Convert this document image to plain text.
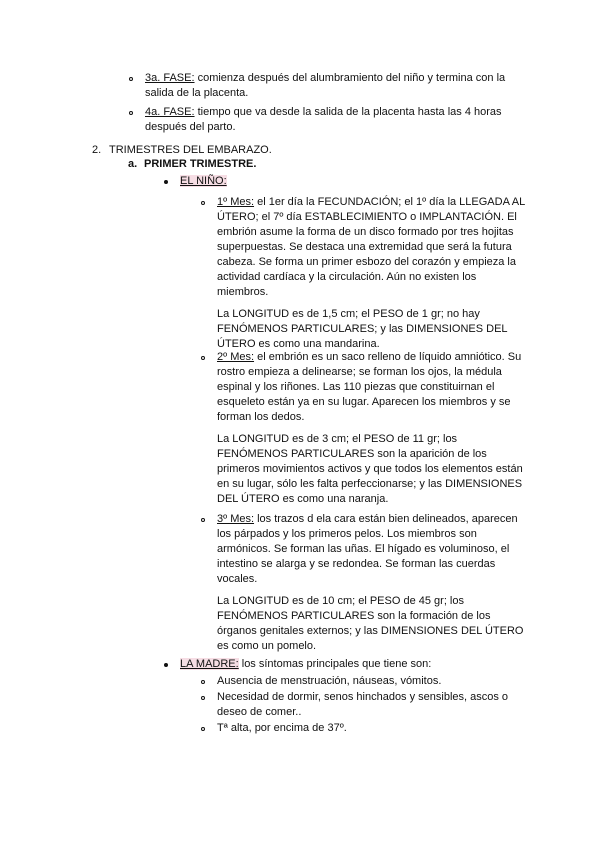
3a. FASE: comienza después del alumbramiento del niño y termina con la salida de la placenta.
4a. FASE: tiempo que va desde la salida de la placenta hasta las 4 horas después del parto.
2. TRIMESTRES DEL EMBARAZO.
a. PRIMER TRIMESTRE.
EL NIÑO:

1º Mes: el 1er día la FECUNDACIÓN; el 1º día la LLEGADA AL ÚTERO; el 7º día ESTABLECIMIENTO o IMPLANTACIÓN. El embrión asume la forma de un disco formado por tres hojitas superpuestas. Se destaca una extremidad que será la futura cabeza. Se forma un primer esbozo del corazón y empieza la actividad cardíaca y la circulación. Aún no existen los miembros.

La LONGITUD es de 1,5 cm; el PESO de 1 gr; no hay FENÓMENOS PARTICULARES; y las DIMENSIONES DEL ÚTERO es como una mandarina.

2º Mes: el embrión es un saco relleno de líquido amniótico. Su rostro empieza a delinearse; se forman los ojos, la médula espinal y los riñones. Las 110 piezas que constituirnan el esqueleto están ya en su lugar. Aparecen los miembros y se forman los dedos.

La LONGITUD es de 3 cm; el PESO de 11 gr; los FENÓMENOS PARTICULARES son la aparición de los primeros movimientos activos y que todos los elementos están en su lugar, sólo les falta perfeccionarse; y las DIMENSIONES DEL ÚTERO es como una naranja.

3º Mes: los trazos d ela cara están bien delineados, aparecen los párpados y los primeros pelos. Los miembros son armónicos. Se forman las uñas. El hígado es voluminoso, el intestino se alarga y se redondea. Se forman las cuerdas vocales.

La LONGITUD es de 10 cm; el PESO de 45 gr; los FENÓMENOS PARTICULARES son la formación de los órganos genitales externos; y las DIMENSIONES DEL ÚTERO es como un pomelo.

LA MADRE: los síntomas principales que tiene son:
Ausencia de menstruación, náuseas, vómitos.
Necesidad de dormir, senos hinchados y sensibles, ascos o deseo de comer..
Tª alta, por encima de 37º.
